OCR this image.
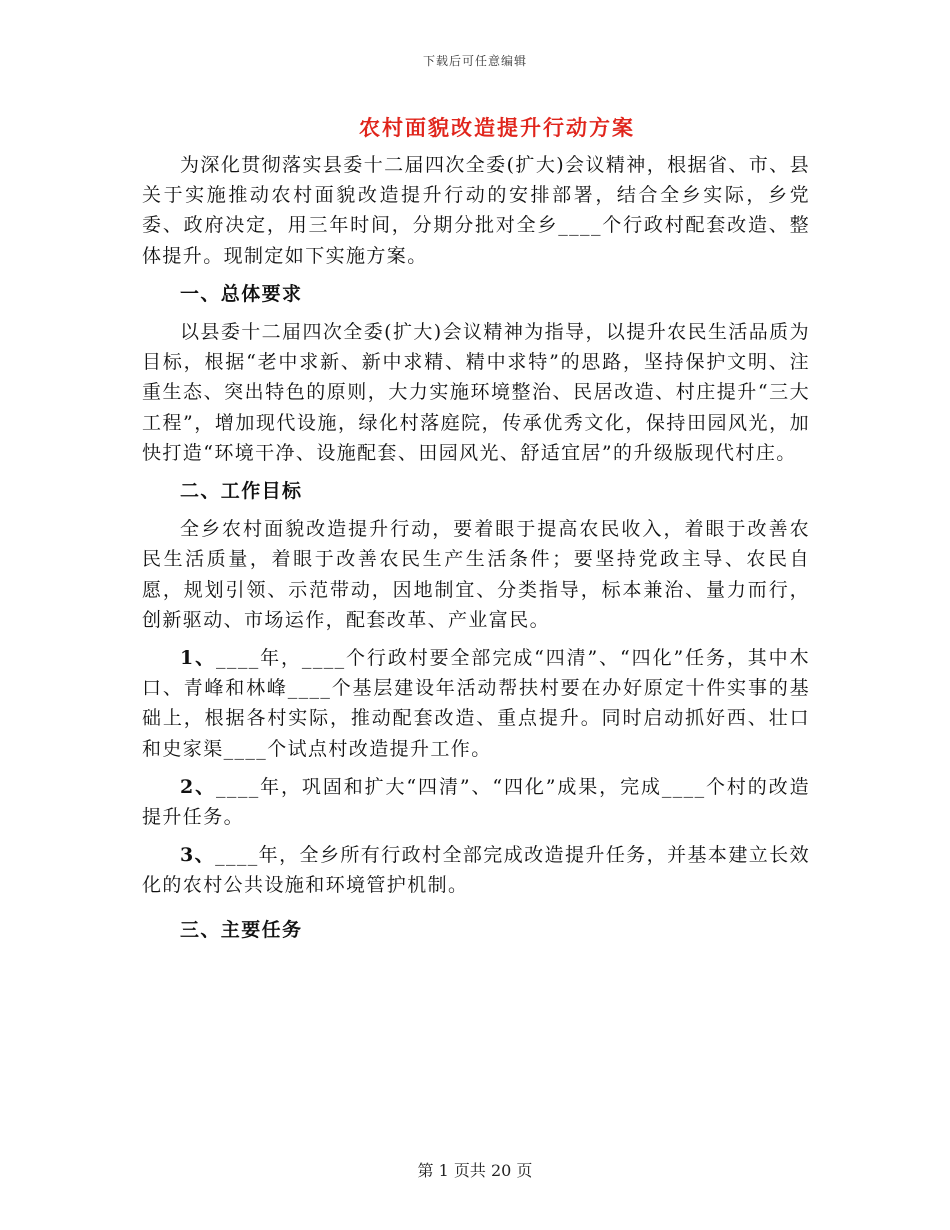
下载后可任意编辑
农村面貌改造提升行动方案

为深化贯彻落实县委十二届四次全委(扩大)会议精神，根据省、市、县关于实施推动农村面貌改造提升行动的安排部署，结合全乡实际，乡党委、政府决定，用三年时间，分期分批对全乡____个行政村配套改造、整体提升。现制定如下实施方案。

一、总体要求

以县委十二届四次全委(扩大)会议精神为指导，以提升农民生活品质为目标，根据“老中求新、新中求精、精中求特”的思路，坚持保护文明、注重生态、突出特色的原则，大力实施环境整治、民居改造、村庄提升“三大工程”，增加现代设施，绿化村落庭院，传承优秀文化，保持田园风光，加快打造“环境干净、设施配套、田园风光、舒适宜居”的升级版现代村庄。

二、工作目标

全乡农村面貌改造提升行动，要着眼于提高农民收入，着眼于改善农民生活质量，着眼于改善农民生产生活条件；要坚持党政主导、农民自愿，规划引领、示范带动，因地制宜、分类指导，标本兼治、量力而行，创新驱动、市场运作，配套改革、产业富民。

1、____年，____个行政村要全部完成“四清”、“四化”任务，其中木口、青峰和林峰____个基层建设年活动帮扶村要在办好原定十件实事的基础上，根据各村实际，推动配套改造、重点提升。同时启动抓好西、壮口和史家渠____个试点村改造提升工作。

2、____年，巩固和扩大“四清”、“四化”成果，完成____个村的改造提升任务。

3、____年，全乡所有行政村全部完成改造提升任务，并基本建立长效化的农村公共设施和环境管护机制。

三、主要任务

第 1 页共 20 页
